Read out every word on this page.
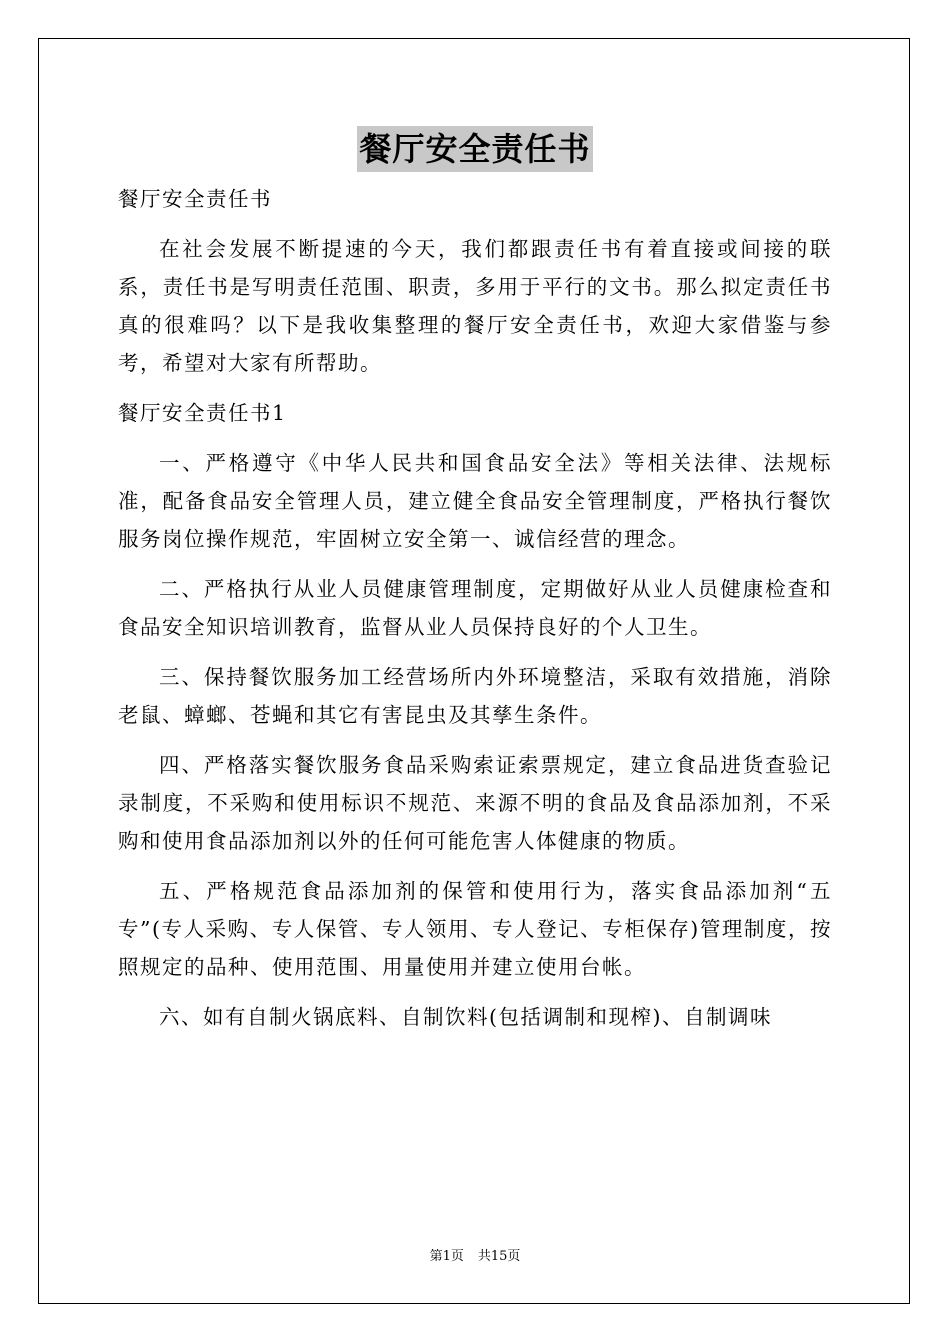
餐厅安全责任书

餐厅安全责任书

在社会发展不断提速的今天，我们都跟责任书有着直接或间接的联系，责任书是写明责任范围、职责，多用于平行的文书。那么拟定责任书真的很难吗？以下是我收集整理的餐厅安全责任书，欢迎大家借鉴与参考，希望对大家有所帮助。

餐厅安全责任书1

一、严格遵守《中华人民共和国食品安全法》等相关法律、法规标准，配备食品安全管理人员，建立健全食品安全管理制度，严格执行餐饮服务岗位操作规范，牢固树立安全第一、诚信经营的理念。

二、严格执行从业人员健康管理制度，定期做好从业人员健康检查和食品安全知识培训教育，监督从业人员保持良好的个人卫生。

三、保持餐饮服务加工经营场所内外环境整洁，采取有效措施，消除老鼠、蟑螂、苍蝇和其它有害昆虫及其孳生条件。

四、严格落实餐饮服务食品采购索证索票规定，建立食品进货查验记录制度，不采购和使用标识不规范、来源不明的食品及食品添加剂，不采购和使用食品添加剂以外的任何可能危害人体健康的物质。

五、严格规范食品添加剂的保管和使用行为，落实食品添加剂“五专”(专人采购、专人保管、专人领用、专人登记、专柜保存)管理制度，按照规定的品种、使用范围、用量使用并建立使用台帐。

六、如有自制火锅底料、自制饮料(包括调制和现榨)、自制调味

第1页 共15页
